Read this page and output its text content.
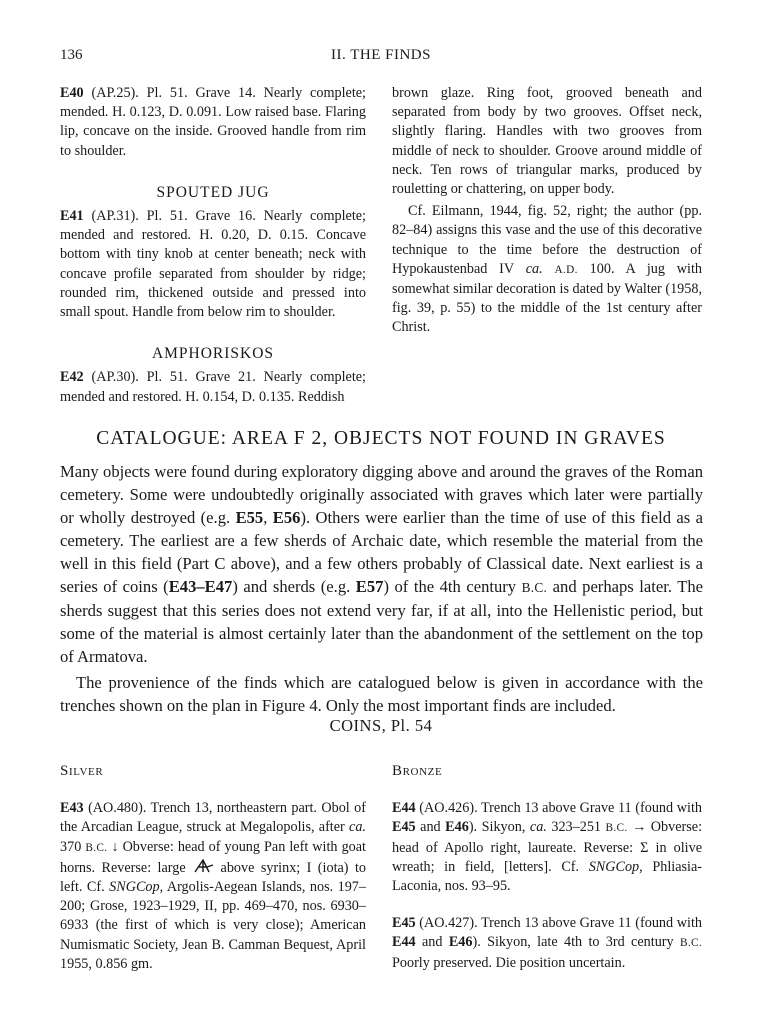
136	II. THE FINDS

E40 (AP.25). Pl. 51. Grave 14. Nearly complete; mended. H. 0.123, D. 0.091. Low raised base. Flaring lip, concave on the inside. Grooved handle from rim to shoulder.

SPOUTED JUG

E41 (AP.31). Pl. 51. Grave 16. Nearly complete; mended and restored. H. 0.20, D. 0.15. Concave bottom with tiny knob at center beneath; neck with concave profile separated from shoulder by ridge; rounded rim, thickened outside and pressed into small spout. Handle from below rim to shoulder.

AMPHORISKOS

E42 (AP.30). Pl. 51. Grave 21. Nearly complete; mended and restored. H. 0.154, D. 0.135. Reddish

brown glaze. Ring foot, grooved beneath and separated from body by two grooves. Offset neck, slightly flaring. Handles with two grooves from middle of neck to shoulder. Groove around middle of neck. Ten rows of triangular marks, produced by rouletting or chattering, on upper body.

Cf. Eilmann, 1944, fig. 52, right; the author (pp. 82–84) assigns this vase and the use of this decorative technique to the time before the destruction of Hypokaustenbad IV ca. A.D. 100. A jug with somewhat similar decoration is dated by Walter (1958, fig. 39, p. 55) to the middle of the 1st century after Christ.

CATALOGUE: AREA F 2, OBJECTS NOT FOUND IN GRAVES

Many objects were found during exploratory digging above and around the graves of the Roman cemetery. Some were undoubtedly originally associated with graves which later were partially or wholly destroyed (e.g. E55, E56). Others were earlier than the time of use of this field as a cemetery. The earliest are a few sherds of Archaic date, which resemble the material from the well in this field (Part C above), and a few others probably of Classical date. Next earliest is a series of coins (E43–E47) and sherds (e.g. E57) of the 4th century B.C. and perhaps later. The sherds suggest that this series does not extend very far, if at all, into the Hellenistic period, but some of the material is almost certainly later than the abandonment of the settlement on the top of Armatova.

The provenience of the finds which are catalogued below is given in accordance with the trenches shown on the plan in Figure 4. Only the most important finds are included.

COINS, Pl. 54

Silver

E43 (AO.480). Trench 13, northeastern part. Obol of the Arcadian League, struck at Megalopolis, after ca. 370 B.C. ↓ Obverse: head of young Pan left with goat horns. Reverse: large  above syrinx; I (iota) to left. Cf. SNGCop, Argolis-Aegean Islands, nos. 197–200; Grose, 1923–1929, II, pp. 469–470, nos. 6930–6933 (the first of which is very close); American Numismatic Society, Jean B. Camman Bequest, April 1955, 0.856 gm.

Bronze

E44 (AO.426). Trench 13 above Grave 11 (found with E45 and E46). Sikyon, ca. 323–251 B.C. → Obverse: head of Apollo right, laureate. Reverse: Σ in olive wreath; in field, [letters]. Cf. SNGCop, Phliasia-Laconia, nos. 93–95.

E45 (AO.427). Trench 13 above Grave 11 (found with E44 and E46). Sikyon, late 4th to 3rd century B.C. Poorly preserved. Die position uncertain.
